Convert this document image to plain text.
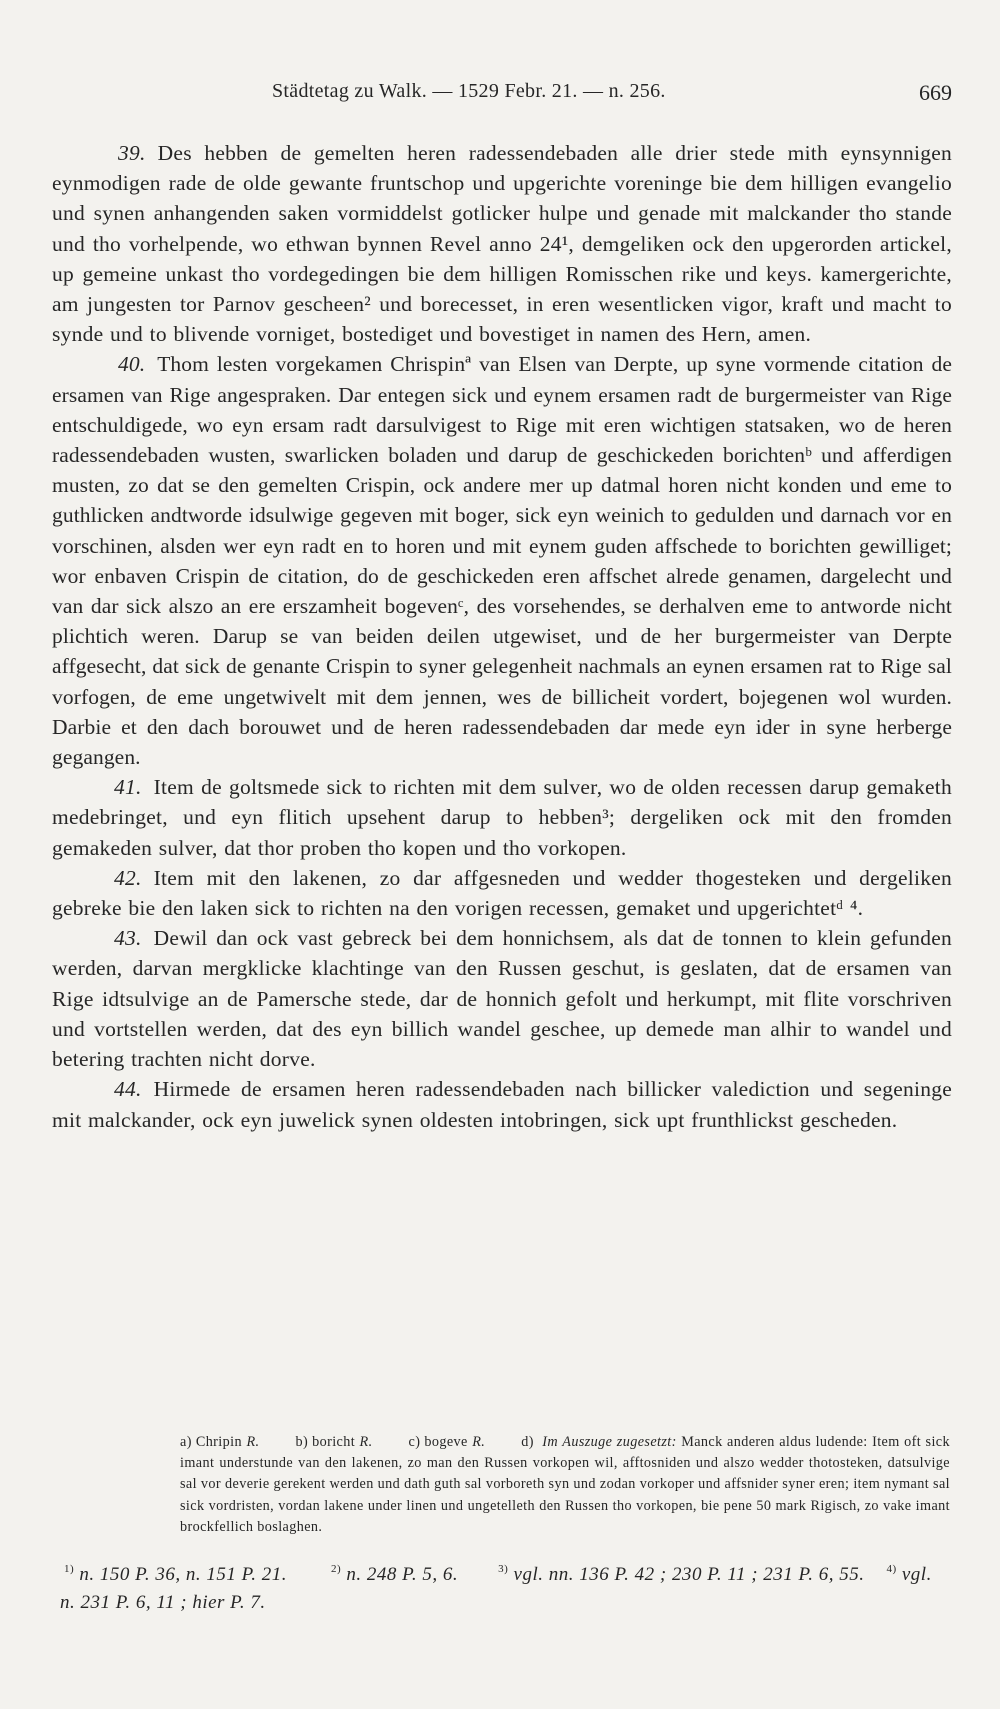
Städtetag zu Walk. — 1529 Febr. 21. — n. 256.	669

39. Des hebben de gemelten heren radessendebaden alle drier stede mith eynsynnigen eynmodigen rade de olde gewante fruntschop und upgerichte voreninge bie dem hilligen evangelio und synen anhangenden saken vormiddelst gotlicker hulpe und genade mit malckander tho stande und tho vorhelpende, wo ethwan bynnen Revel anno 24¹, demgeliken ock den upgerorden artickel, up gemeine unkast tho vordegedingen bie dem hilligen Romisschen rike und keys. kamergerichte, am jungesten tor Parnov gescheen² und borecesset, in eren wesentlicken vigor, kraft und macht to synde und to blivende vorniget, bostediget und bovestiget in namen des Hern, amen.

40. Thom lesten vorgekamen Chrispinª van Elsen van Derpte, up syne vormende citation de ersamen van Rige angespraken. Dar entegen sick und eynem ersamen radt de burgermeister van Rige entschuldigede, wo eyn ersam radt darsulvigest to Rige mit eren wichtigen statsaken, wo de heren radessendebaden wusten, swarlicken boladen und darup de geschickeden borichtenᵇ und afferdigen musten, zo dat se den gemelten Crispin, ock andere mer up datmal horen nicht konden und eme to guthlicken andtworde idsulwige gegeven mit boger, sick eyn weinich to gedulden und darnach vor en vorschinen, alsden wer eyn radt en to horen und mit eynem guden affschede to borichten gewilliget; wor enbaven Crispin de citation, do de geschickeden eren affschet alrede genamen, dargelecht und van dar sick alszo an ere erszamheit bogevenᶜ, des vorsehendes, se derhalven eme to antworde nicht plichtich weren. Darup se van beiden deilen utgewiset, und de her burgermeister van Derpte affgesecht, dat sick de genante Crispin to syner gelegenheit nachmals an eynen ersamen rat to Rige sal vorfogen, de eme ungetwivelt mit dem jennen, wes de billicheit vordert, bojegenen wol wurden. Darbie et den dach borouwet und de heren radessendebaden dar mede eyn ider in syne herberge gegangen.

41. Item de goltsmede sick to richten mit dem sulver, wo de olden recessen darup gemaketh medebringet, und eyn flitich upsehent darup to hebben³; dergeliken ock mit den fromden gemakeden sulver, dat thor proben tho kopen und tho vorkopen.

42. Item mit den lakenen, zo dar affgesneden und wedder thogesteken und dergeliken gebreke bie den laken sick to richten na den vorigen recessen, gemaket und upgerichtetᵈ ⁴.

43. Dewil dan ock vast gebreck bei dem honnichsem, als dat de tonnen to klein gefunden werden, darvan mergklicke klachtinge van den Russen geschut, is geslaten, dat de ersamen van Rige idtsulvige an de Pamersche stede, dar de honnich gefolt und herkumpt, mit flite vorschriven und vortstellen werden, dat des eyn billich wandel geschee, up demede man alhir to wandel und betering trachten nicht dorve.

44. Hirmede de ersamen heren radessendebaden nach billicker valediction und segeninge mit malckander, ock eyn juwelick synen oldesten intobringen, sick upt frunthlickst gescheden.

a) Chripin R.	b) boricht R.	c) bogeve R.	d) Im Auszuge zugesetzt: Manck anderen aldus ludende: Item oft sick imant understunde van den lakenen, zo man den Russen vorkopen wil, afftosniden und alszo wedder thotosteken, datsulvige sal vor deverie gerekent werden und dath guth sal vorboreth syn und zodan vorkoper und affsnider syner eren; item nymant sal sick vordristen, vordan lakene under linen und ungetelleth den Russen tho vorkopen, bie pene 50 mark Rigisch, zo vake imant brockfellich boslaghen.

$^{1)}$ n. 150 P. 36, n. 151 P. 21.	$^{2)}$ n. 248 P. 5, 6.	$^{3)}$ vgl. nn. 136 P. 42 ; 230 P. 11 ; 231 P. 6, 55. $^{4)}$ vgl. n. 231 P. 6, 11 ; hier P. 7.
